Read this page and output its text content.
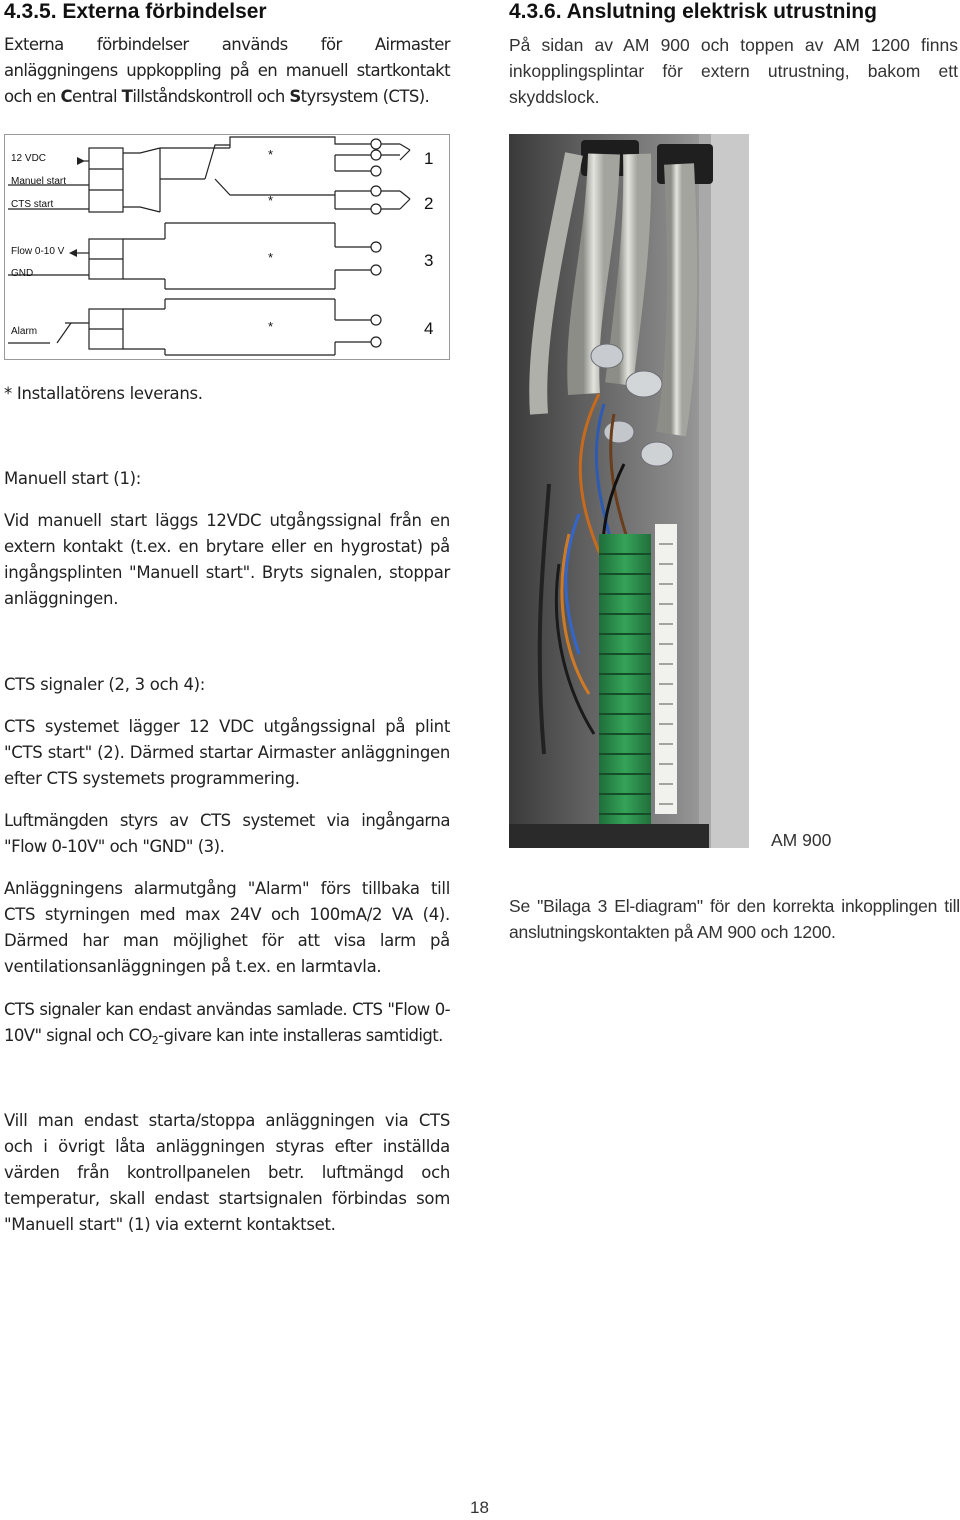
4.3.5. Externa förbindelser

Externa förbindelser används för Airmaster anläggningens uppkoppling på en manuell startkontakt och en Central Tillståndskontroll och Styrsystem (CTS).

12 VDC
Manuel start
CTS start
Flow 0-10 V
GND
Alarm
*
*
*
*
1
2
3
4

* Installatörens leverans.

Manuell start (1):

Vid manuell start läggs 12VDC utgångssignal från en extern kontakt (t.ex. en brytare eller en hygrostat) på ingångsplinten "Manuell start". Bryts signalen, stoppar anläggningen.

CTS signaler (2, 3 och 4):

CTS systemet lägger 12 VDC utgångssignal på plint "CTS start" (2). Därmed startar Airmaster anläggningen efter CTS systemets programmering.

Luftmängden styrs av CTS systemet via ingångarna "Flow 0-10V" och "GND" (3).

Anläggningens alarmutgång "Alarm" förs tillbaka till CTS styrningen med max 24V och 100mA/2 VA (4). Därmed har man möjlighet för att visa larm på ventilationsanläggningen på t.ex. en larmtavla.

CTS signaler kan endast användas samlade. CTS "Flow 0-10V" signal och $CO_2$-givare kan inte installeras samtidigt.

Vill man endast starta/stoppa anläggningen via CTS och i övrigt låta anläggningen styras efter inställda värden från kontrollpanelen betr. luftmängd och temperatur, skall endast startsignalen förbindas som "Manuell start" (1) via externt kontaktset.

4.3.6. Anslutning elektrisk utrustning

På sidan av AM 900 och toppen av AM 1200 finns inkopplingsplintar för extern utrustning, bakom ett skyddslock.

AM 900

Se "Bilaga 3 El-diagram" för den korrekta inkopplingen till anslutningskontakten på AM 900 och 1200.

18
